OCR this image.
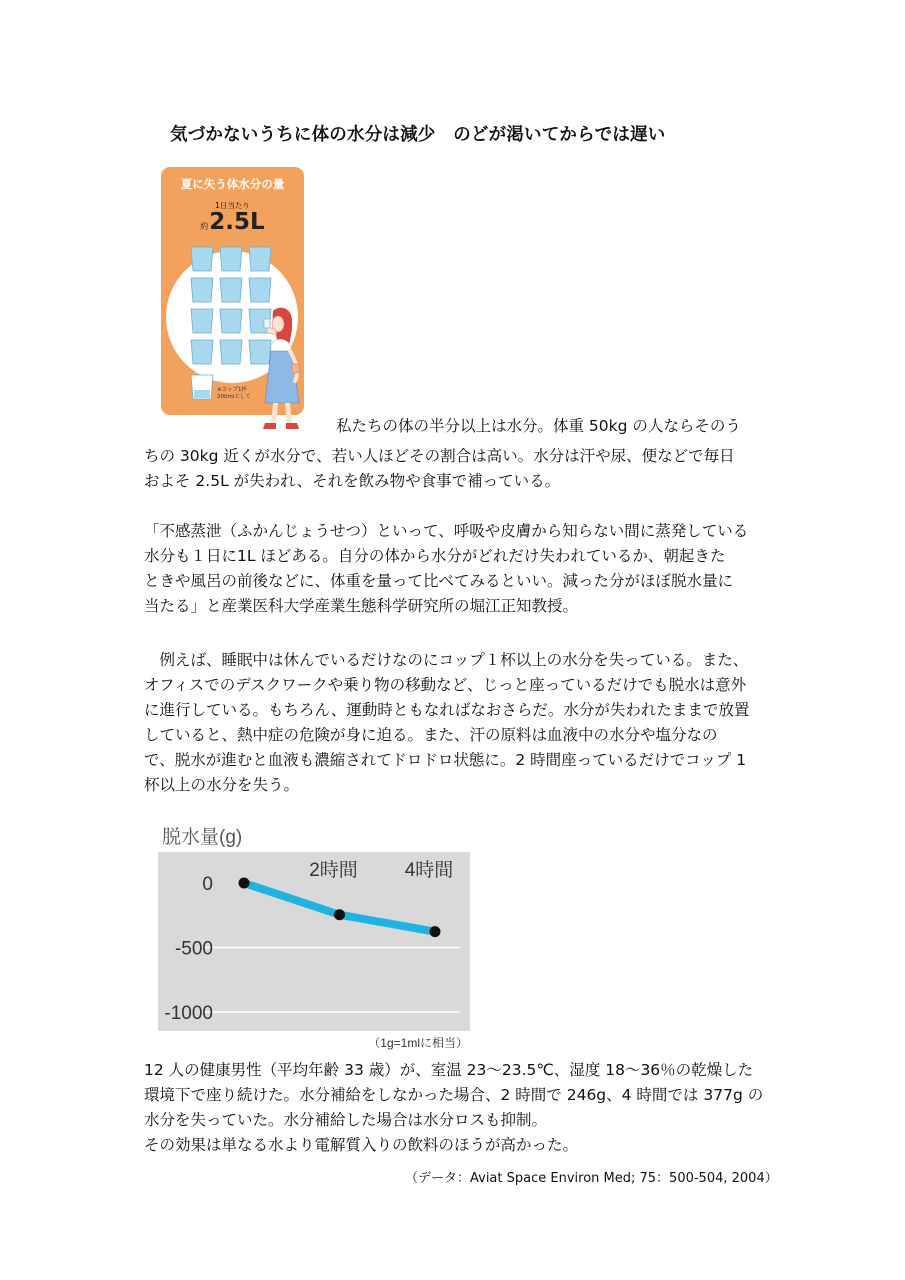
気づかないうちに体の水分は減少　のどが渇いてからでは遅い
夏に失う体水分の量
1日当たり
約2.5L
※コップ1杯
200mlとして
私たちの体の半分以上は水分。体重 50kg の人ならそのう
ちの 30kg 近くが水分で、若い人ほどその割合は高い。水分は汗や尿、便などで毎日
およそ 2.5L が失われ、それを飲み物や食事で補っている。
「不感蒸泄（ふかんじょうせつ）といって、呼吸や皮膚から知らない間に蒸発している
水分も１日に1L ほどある。自分の体から水分がどれだけ失われているか、朝起きた
ときや風呂の前後などに、体重を量って比べてみるといい。減った分がほぼ脱水量に
当たる」と産業医科大学産業生態科学研究所の堀江正知教授。
　例えば、睡眠中は休んでいるだけなのにコップ１杯以上の水分を失っている。また、
オフィスでのデスクワークや乗り物の移動など、じっと座っているだけでも脱水は意外
に進行している。もちろん、運動時ともなればなおさらだ。水分が失われたままで放置
していると、熱中症の危険が身に迫る。また、汗の原料は血液中の水分や塩分なの
で、脱水が進むと血液も濃縮されてドロドロ状態に。2 時間座っているだけでコップ 1
杯以上の水分を失う。
脱水量(g)
0
-500
-1000
2時間 4時間
（1g=1mlに相当）
12 人の健康男性（平均年齢 33 歳）が、室温 23～23.5℃、湿度 18～36％の乾燥した
環境下で座り続けた。水分補給をしなかった場合、2 時間で 246g、4 時間では 377g の
水分を失っていた。水分補給した場合は水分ロスも抑制。
その効果は単なる水より電解質入りの飲料のほうが高かった。
（データ：Aviat Space Environ Med; 75：500-504, 2004）
